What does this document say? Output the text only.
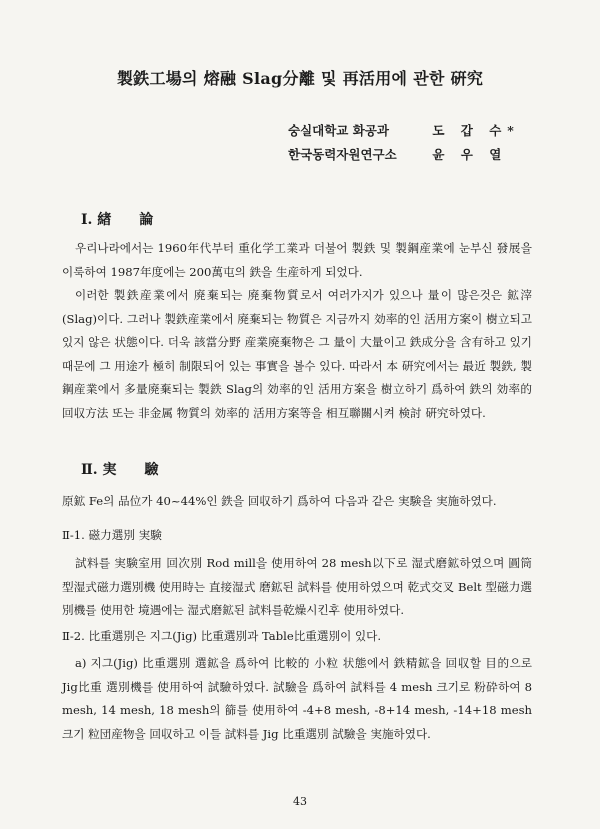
製鉄工場의 熔融 Slag分離 및 再活用에 관한 硏究
숭실대학교 화공과	도 갑 수*
한국동력자원연구소	윤 우 열
Ⅰ. 緖　　論

우리나라에서는 1960年代부터 重化学工業과 더불어 製鉄 및 製鋼産業에 눈부신 發展을 이룩하여 1987年度에는 200萬屯의 鉄을 生産하게 되었다.

이러한 製鉄産業에서 廃棄되는 廃棄物質로서 여러가지가 있으나 量이 많은것은 鉱滓(Slag)이다. 그러나 製鉄産業에서 廃棄되는 物質은 지금까지 効率的인 活用方案이 樹立되고 있지 않은 状態이다. 더욱 該當分野 産業廃棄物은 그 量이 大量이고 鉄成分을 含有하고 있기 때문에 그 用途가 極히 制限되어 있는 事實을 볼수 있다. 따라서 本 硏究에서는 最近 製鉄, 製鋼産業에서 多量廃棄되는 製鉄 Slag의 効率的인 活用方案을 樹立하기 爲하여 鉄의 効率的 回収方法 또는 非金属 物質의 効率的 活用方案等을 相互聯關시켜 検討 硏究하였다.

Ⅱ. 実　　驗

原鉱 Fe의 品位가 40~44%인 鉄을 回収하기 爲하여 다음과 같은 実験을 実施하였다.

Ⅱ-1. 磁力選別 実験

試料를 実験室用 回次別 Rod mill을 使用하여 28 mesh以下로 湿式磨鉱하였으며 圓筒型湿式磁力選別機 使用時는 直接湿式 磨鉱된 試料를 使用하였으며 乾式交叉 Belt 型磁力選別機를 使用한 境遇에는 湿式磨鉱된 試料를乾燥시킨후 使用하였다.

Ⅱ-2. 比重選別은 지그(Jig) 比重選別과 Table比重選別이 있다.

a) 지그(Jig) 比重選別 選鉱을 爲하여 比較的 小粒 状態에서 鉄精鉱을 回収할 目的으로 Jig比重 選別機를 使用하여 試驗하였다. 試驗을 爲하여 試料를 4 mesh 크기로 粉砕하여 8 mesh, 14 mesh, 18 mesh의 篩를 使用하여 -4+8 mesh, -8+14 mesh, -14+18 mesh 크기 粒団産物을 回収하고 이들 試料를 Jig 比重選別 試驗을 実施하였다.

43
